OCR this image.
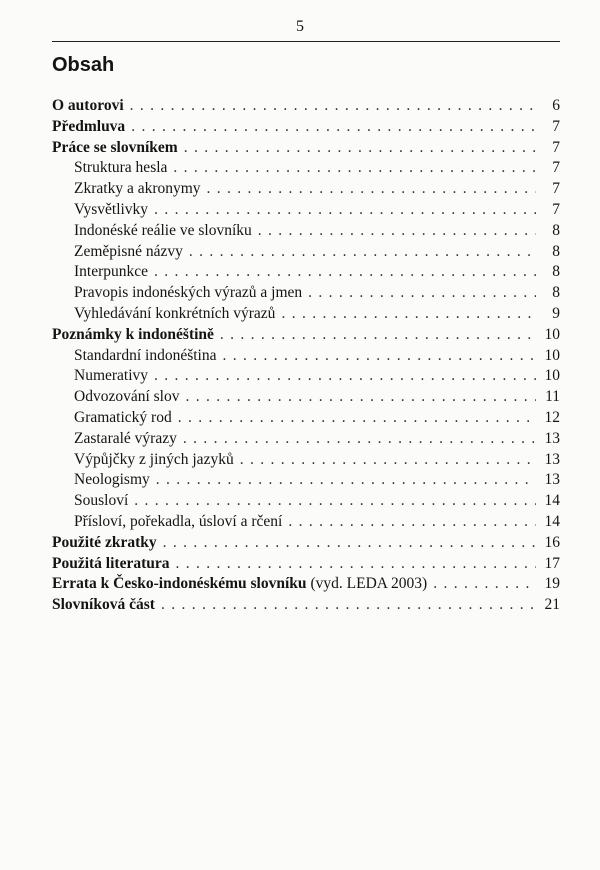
5
Obsah
O autorovi . . .	6
Předmluva . . .	7
Práce se slovníkem . . .	7
Struktura hesla . . .	7
Zkratky a akronymy . . .	7
Vysvětlivky . . .	7
Indonéské reálie ve slovníku . . .	8
Zeměpisné názvy . . .	8
Interpunkce . . .	8
Pravopis indonéských výrazů a jmen . . .	8
Vyhledávání konkrétních výrazů . . .	9
Poznámky k indonéštině . . .	10
Standardní indonéština . . .	10
Numerativy . . .	10
Odvozování slov . . .	11
Gramatický rod . . .	12
Zastaralé výrazy . . .	13
Výpůjčky z jiných jazyků . . .	13
Neologismy . . .	13
Sousloví . . .	14
Přísloví, pořekadla, úsloví a rčení . . .	14
Použité zkratky . . .	16
Použitá literatura . . .	17
Errata k Česko-indonéskému slovníku (vyd. LEDA 2003) . . .	19
Slovníková část . . .	21
